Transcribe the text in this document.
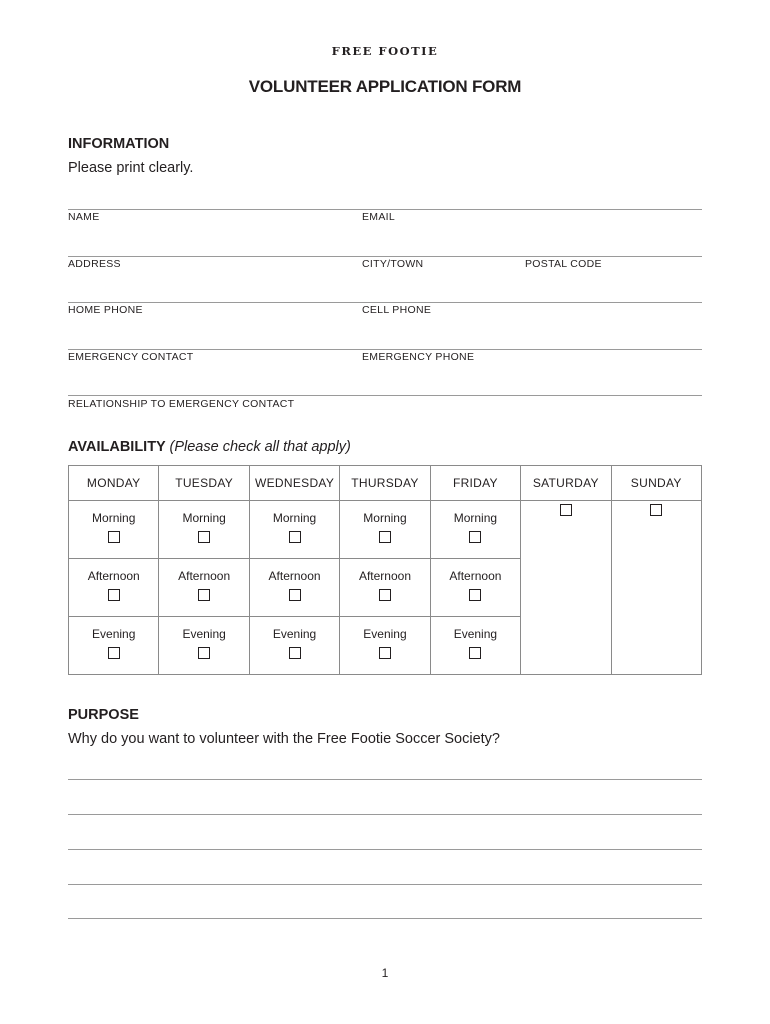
FREE FOOTIE
VOLUNTEER APPLICATION FORM
INFORMATION
Please print clearly.
NAME	EMAIL
ADDRESS	CITY/TOWN	POSTAL CODE
HOME PHONE	CELL PHONE
EMERGENCY CONTACT	EMERGENCY PHONE
RELATIONSHIP TO EMERGENCY CONTACT
AVAILABILITY (Please check all that apply)
MONDAY	TUESDAY	WEDNESDAY	THURSDAY	FRIDAY	SATURDAY	SUNDAY

Morning	Morning	Morning	Morning	Morning		

Afternoon	Afternoon	Afternoon	Afternoon	Afternoon		

Evening	Evening	Evening	Evening	Evening		
PURPOSE
Why do you want to volunteer with the Free Footie Soccer Society?
1
